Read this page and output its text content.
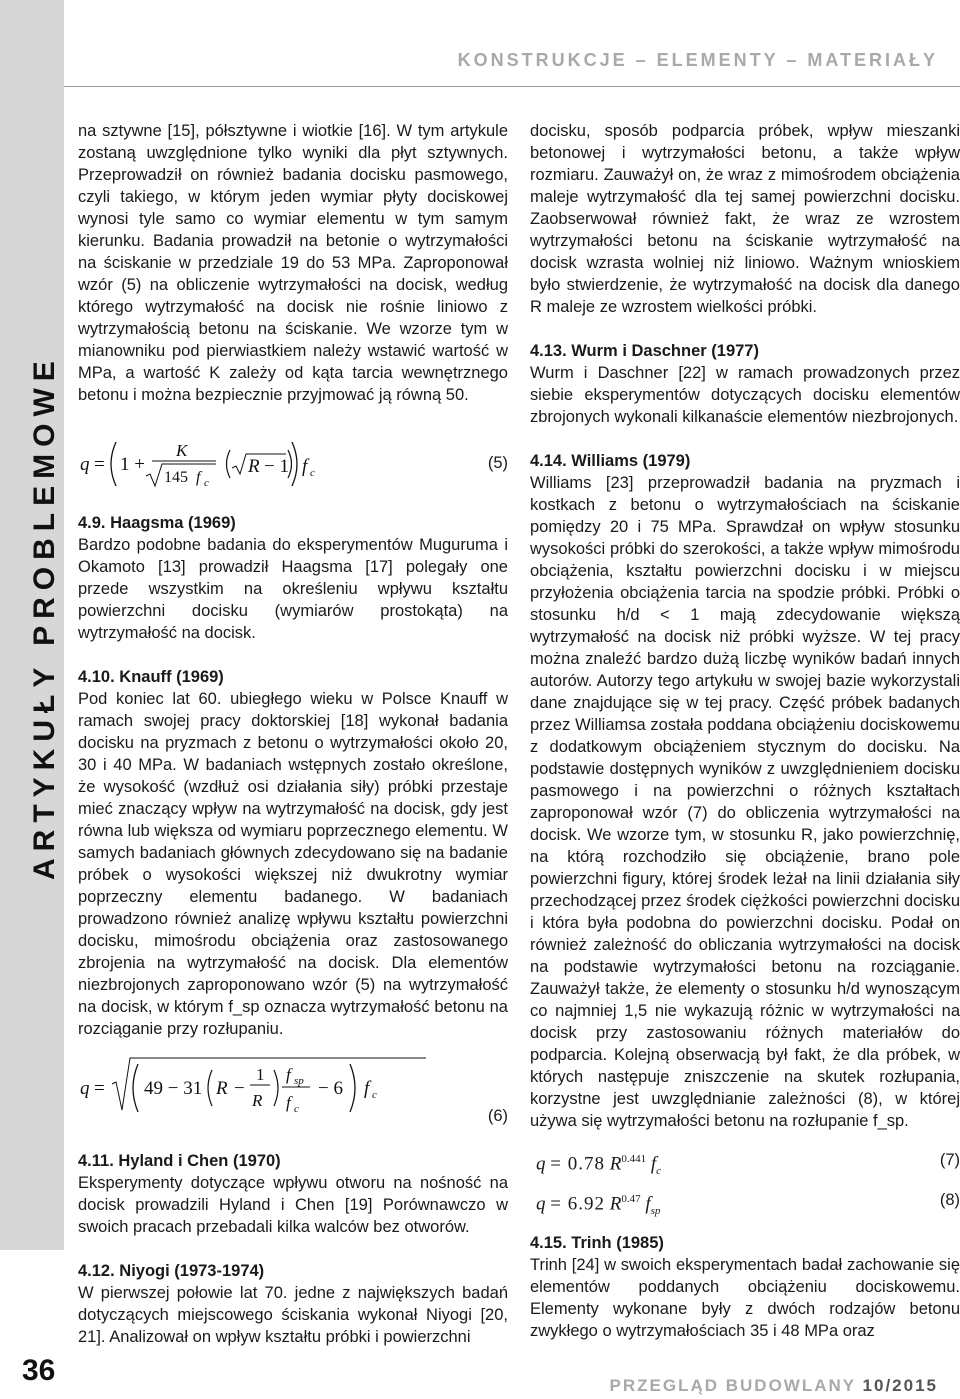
ARTYKUŁY PROBLEMOWE
36
KONSTRUKCJE – ELEMENTY – MATERIAŁY

na sztywne [15], półsztywne i wiotkie [16]. W tym artykule zostaną uwzględnione tylko wyniki dla płyt sztywnych. Przeprowadził on również badania docisku pasmowego, czyli takiego, w którym jeden wymiar płyty dociskowej wynosi tyle samo co wymiar elementu w tym samym kierunku. Badania prowadził na betonie o wytrzymałości na ściskanie w przedziale 19 do 53 MPa. Zaproponował wzór (5) na obliczenie wytrzymałości na docisk, według którego wytrzymałość na docisk nie rośnie liniowo z wytrzymałością betonu na ściskanie. We wzorze tym w mianowniku pod pierwiastkiem należy wstawić wartość w MPa, a wartość K zależy od kąta tarcia wewnętrznego betonu i można bezpiecznie przyjmować ją równą 50.

q = 1 +
K
145 f c
R − 1 f c
(5)
4.9. Haagsma (1969)

Bardzo podobne badania do eksperymentów Muguruma i Okamoto [13] prowadził Haagsma [17] polegały one przede wszystkim na określeniu wpływu kształtu powierzchni docisku (wymiarów prostokąta) na wytrzymałość na docisk.

4.10. Knauff (1969)

Pod koniec lat 60. ubiegłego wieku w Polsce Knauff w ramach swojej pracy doktorskiej [18] wykonał badania docisku na pryzmach z betonu o wytrzymałości około 20, 30 i 40 MPa. W badaniach wstępnych zostało określone, że wysokość (wzdłuż osi działania siły) próbki przestaje mieć znaczący wpływ na wytrzymałość na docisk, gdy jest równa lub większa od wymiaru poprzecznego elementu. W samych badaniach głównych zdecydowano się na badanie próbek o wysokości większej niż dwukrotny wymiar poprzeczny elementu badanego. W badaniach prowadzono również analizę wpływu kształtu powierzchni docisku, mimośrodu obciążenia oraz zastosowanego zbrojenia na wytrzymałość na docisk. Dla elementów niezbrojonych zaproponowano wzór (5) na wytrzymałość na docisk, w którym f_sp oznacza wytrzymałość betonu na rozciąganie przy rozłupaniu.

q = 49 − 31 R −
1
R
f sp
f c
− 6 f c
(6)
4.11. Hyland i Chen (1970)

Eksperymenty dotyczące wpływu otworu na nośność na docisk prowadzili Hyland i Chen [19] Porównawczo w swoich pracach przebadali kilka walców bez otworów.

4.12. Niyogi (1973-1974)

W pierwszej połowie lat 70. jedne z największych badań dotyczących miejscowego ściskania wykonał Niyogi [20, 21]. Analizował on wpływ kształtu próbki i powierzchni

docisku, sposób podparcia próbek, wpływ mieszanki betonowej i wytrzymałości betonu, a także wpływ rozmiaru. Zauważył on, że wraz z mimośrodem obciążenia maleje wytrzymałość dla tej samej powierzchni docisku. Zaobserwował również fakt, że wraz ze wzrostem wytrzymałości betonu na ściskanie wytrzymałość na docisk wzrasta wolniej niż liniowo. Ważnym wnioskiem było stwierdzenie, że wytrzymałość na docisk dla danego R maleje ze wzrostem wielkości próbki.

4.13. Wurm i Daschner (1977)

Wurm i Daschner [22] w ramach prowadzonych przez siebie eksperymentów dotyczących docisku elementów zbrojonych wykonali kilkanaście elementów niezbrojonych.

4.14. Williams (1979)

Williams [23] przeprowadził badania na pryzmach i kostkach z betonu o wytrzymałościach na ściskanie pomiędzy 20 i 75 MPa. Sprawdzał on wpływ stosunku wysokości próbki do szerokości, a także wpływ mimośrodu obciążenia, kształtu powierzchni docisku i w miejscu przyłożenia obciążenia tarcia na spodzie próbki. Próbki o stosunku h/d < 1 mają zdecydowanie większą wytrzymałość na docisk niż próbki wyższe. W tej pracy można znaleźć bardzo dużą liczbę wyników badań innych autorów. Autorzy tego artykułu w swojej bazie wykorzystali dane znajdujące się w tej pracy. Część próbek badanych przez Williamsa została poddana obciążeniu dociskowemu z dodatkowym obciążeniem stycznym do docisku. Na podstawie dostępnych wyników z uwzględnieniem docisku pasmowego i na powierzchni o różnych kształtach zaproponował wzór (7) do obliczenia wytrzymałości na docisk. We wzorze tym, w stosunku R, jako powierzchnię, na którą rozchodziło się obciążenie, brano pole powierzchni figury, której środek leżał na linii działania siły przechodzącej przez środek ciężkości powierzchni docisku i która była podobna do powierzchni docisku. Podał on również zależność do obliczania wytrzymałości na docisk na podstawie wytrzymałości betonu na rozciąganie. Zauważył także, że elementy o stosunku h/d wynoszącym co najmniej 1,5 nie wykazują różnic w wytrzymałości na docisk przy zastosowaniu różnych materiałów do podparcia. Kolejną obserwacją był fakt, że dla próbek, w których następuje zniszczenie na skutek rozłupania, korzystne jest uwzględnianie zależności (8), w której używa się wytrzymałości betonu na rozłupanie f_sp.

q = 0.78 $R^{0.441}$ $f_c$
(7)
q = 6.92 $R^{0.47}$ $f_{sp}$
(8)
4.15. Trinh (1985)

Trinh [24] w swoich eksperymentach badał zachowanie się elementów poddanych obciążeniu dociskowemu. Elementy wykonane były z dwóch rodzajów betonu zwykłego o wytrzymałościach 35 i 48 MPa oraz

PRZEGLĄD BUDOWLANY 10/2015
